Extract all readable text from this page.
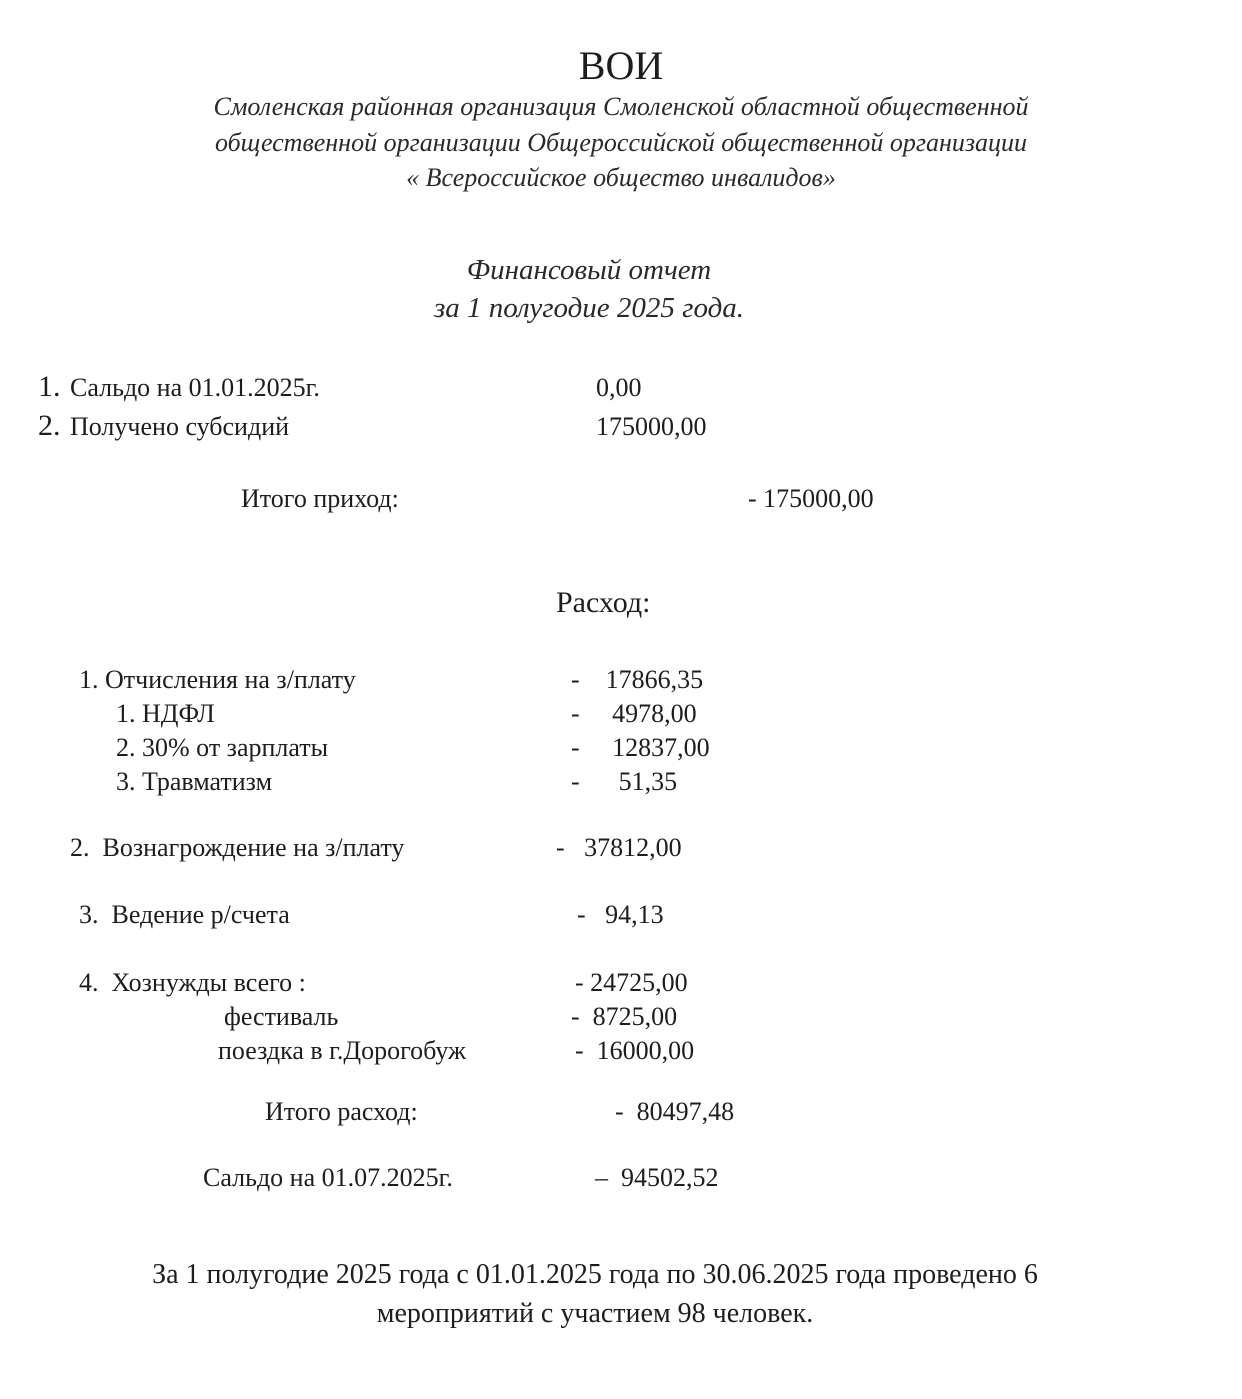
ВОИ
Смоленская районная организация Смоленской областной общественной
общественной организации Общероссийской общественной организации
« Всероссийское общество инвалидов»
Финансовый отчет
за 1 полугодие 2025 года.
1. Сальдо на 01.01.2025г.	0,00
2. Получено субсидий	175000,00
Итого приход:	- 175000,00
Расход:
1. Отчисления на з/плату	-    17866,35
1. НДФЛ	-     4978,00
2. 30% от зарплаты	-     12837,00
3. Травматизм	-      51,35
2.  Вознагрождение на з/плату	-   37812,00
3.  Ведение р/счета	-   94,13
4.  Хознужды всего :	- 24725,00
фестиваль	-  8725,00
поездка в г.Дорогобуж	-  16000,00
Итого расход:	-  80497,48
Сальдо на 01.07.2025г.	–  94502,52
За 1 полугодие 2025 года с 01.01.2025 года по 30.06.2025 года проведено 6
мероприятий с участием 98 человек.
